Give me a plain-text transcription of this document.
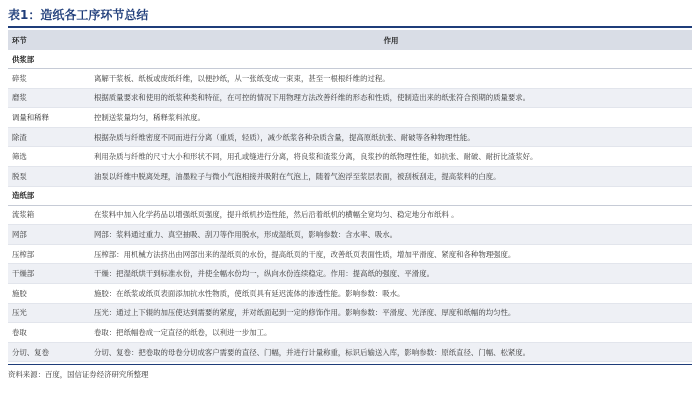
表1：造纸各工序环节总结
环节	作用
供浆部	
碎浆	离解干浆板、纸板或废纸纤维，以便抄纸，从一张纸变成一束束，甚至一根根纤维的过程。
磨浆	根据质量要求和使用的纸浆种类和特征，在可控的情况下用物理方法改善纤维的形态和性质，使制造出来的纸张符合预期的质量要求。
调量和稀释	控制送浆量均匀，稀释浆料浓度。
除渣	根据杂质与纤维密度不同而进行分离（重质，轻质），减少纸浆各种杂质含量，提高原纸抗张、耐破等各种物理性能。
筛选	利用杂质与纤维的尺寸大小和形状不同，用孔或缝进行分离，将良浆和渣浆分离，良浆抄的纸物理性能，如抗张、耐破、耐折比渣浆好。
脱泵	油泵以纤维中脱离处理，油墨粒子与微小气泡相接并吸附在气泡上，随着气泡浮至浆层表面，被刮板刮走，提高浆料的白度。
造纸部	
流浆箱	在浆料中加入化学药品以增强纸页强度，提升纸机抄造性能，然后沿着纸机的横幅全宽均匀、稳定地分布纸料 。
网部	网部：浆料通过重力、真空抽吸、刮刀等作用脱水，形成湿纸页，影响参数：含水率、吸水。
压榨部	压榨部：用机械方法挤出由网部出来的湿纸页的水份，提高纸页的干度，改善纸页表面性质，增加平滑度、紧度和各种物理强度。
干燥部	干燥：把湿纸烘干到标准水份，并使全幅水份均一，纵向水份连续稳定。作用：提高纸的强度、平滑度。
施胶	施胶：在纸浆或纸页表面添加抗水性物质，使纸页具有延迟流体的渗透性能。影响参数：吸水。
压光	压光：通过上下辊的加压使达到需要的紧度，并对纸面起到一定的修饰作用。影响参数：平滑度、光泽度、厚度和纸幅的均匀性。
卷取	卷取：把纸幅卷成一定直径的纸卷，以利进一步加工。
分切、复卷	分切、复卷：把卷取的母卷分切成客户需要的直径、门幅，并进行计量称重，标识后输送入库，影响参数：原纸直径、门幅、松紧度。
资料来源：百度，国信证券经济研究所整理
